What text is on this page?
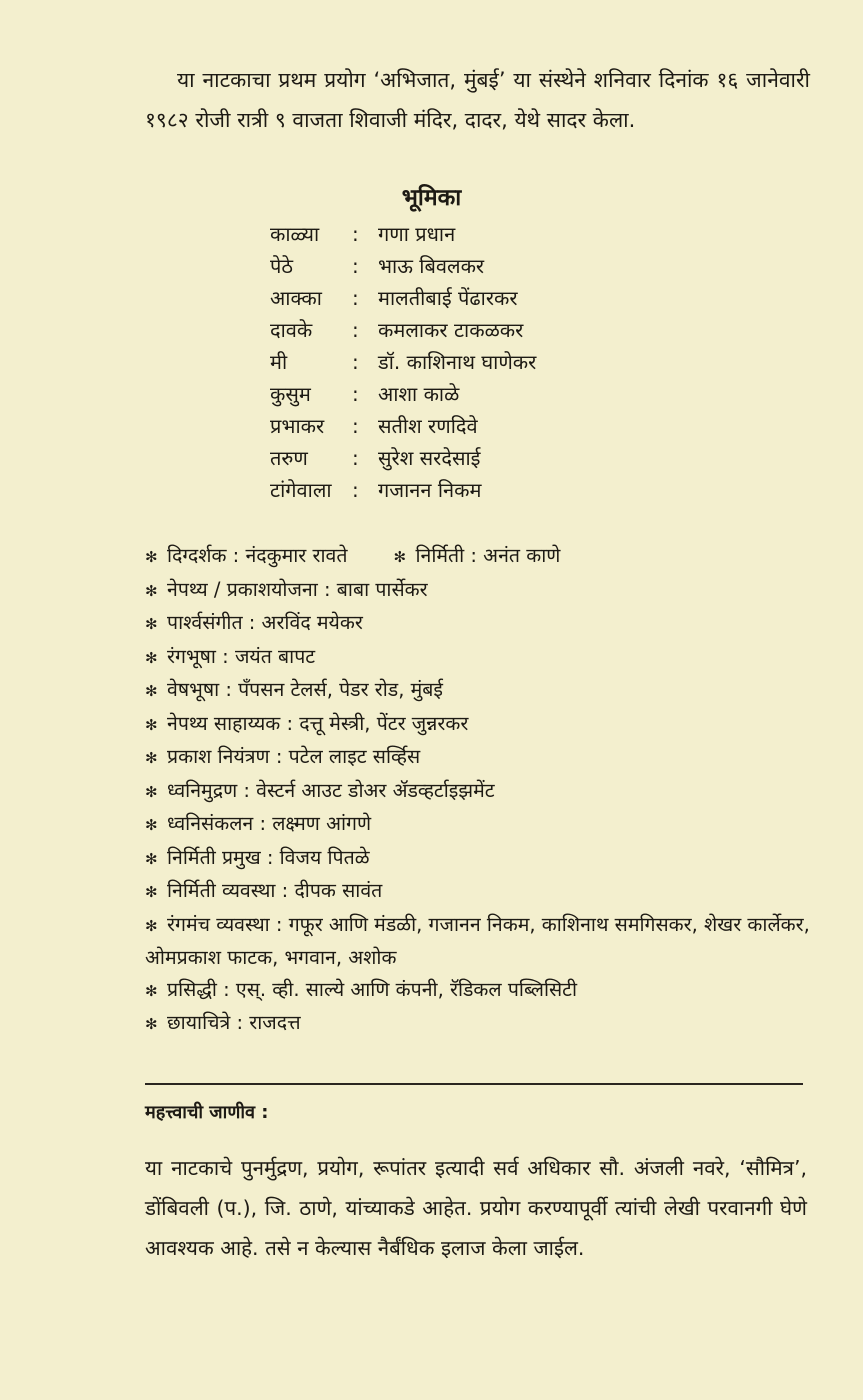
या नाटकाचा प्रथम प्रयोग ‘अभिजात, मुंबई’ या संस्थेने शनिवार दिनांक १६ जानेवारी १९८२ रोजी रात्री ९ वाजता शिवाजी मंदिर, दादर, येथे सादर केला.

भूमिका
काळ्या : गणा प्रधान
पेठे	: भाऊ बिवलकर
आक्का : मालतीबाई पेंढारकर
दावके : कमलाकर टाकळकर
मी	: डॉ. काशिनाथ घाणेकर
कुसुम : आशा काळे
प्रभाकर : सतीश रणदिवे
तरुण : सुरेश सरदेसाई
टांगेवाला : गजानन निकम
✻ दिग्दर्शक : नंदकुमार रावते	✻ निर्मिती : अनंत काणे
✻ नेपथ्य / प्रकाशयोजना : बाबा पार्सेकर
✻ पार्श्वसंगीत : अरविंद मयेकर
✻ रंगभूषा : जयंत बापट
✻ वेषभूषा : पँपसन टेलर्स, पेडर रोड, मुंबई
✻ नेपथ्य साहाय्यक : दत्तू मेस्त्री, पेंटर जुन्नरकर
✻ प्रकाश नियंत्रण : पटेल लाइट सर्व्हिस
✻ ध्वनिमुद्रण : वेस्टर्न आउट डोअर ॲडव्हर्टाइझमेंट
✻ ध्वनिसंकलन : लक्ष्मण आंगणे
✻ निर्मिती प्रमुख : विजय पितळे
✻ निर्मिती व्यवस्था : दीपक सावंत
✻ रंगमंच व्यवस्था : गफूर आणि मंडळी, गजानन निकम, काशिनाथ समगिसकर, शेखर कार्लेकर, ओमप्रकाश फाटक, भगवान, अशोक
✻ प्रसिद्धी : एस्. व्ही. साल्ये आणि कंपनी, रॅडिकल पब्लिसिटी
✻ छायाचित्रे : राजदत्त
महत्त्वाची जाणीव :

या नाटकाचे पुनर्मुद्रण, प्रयोग, रूपांतर इत्यादी सर्व अधिकार सौ. अंजली नवरे, ‘सौमित्र’, डोंबिवली (प.), जि. ठाणे, यांच्याकडे आहेत. प्रयोग करण्यापूर्वी त्यांची लेखी परवानगी घेणे आवश्यक आहे. तसे न केल्यास नैर्बंधिक इलाज केला जाईल.
